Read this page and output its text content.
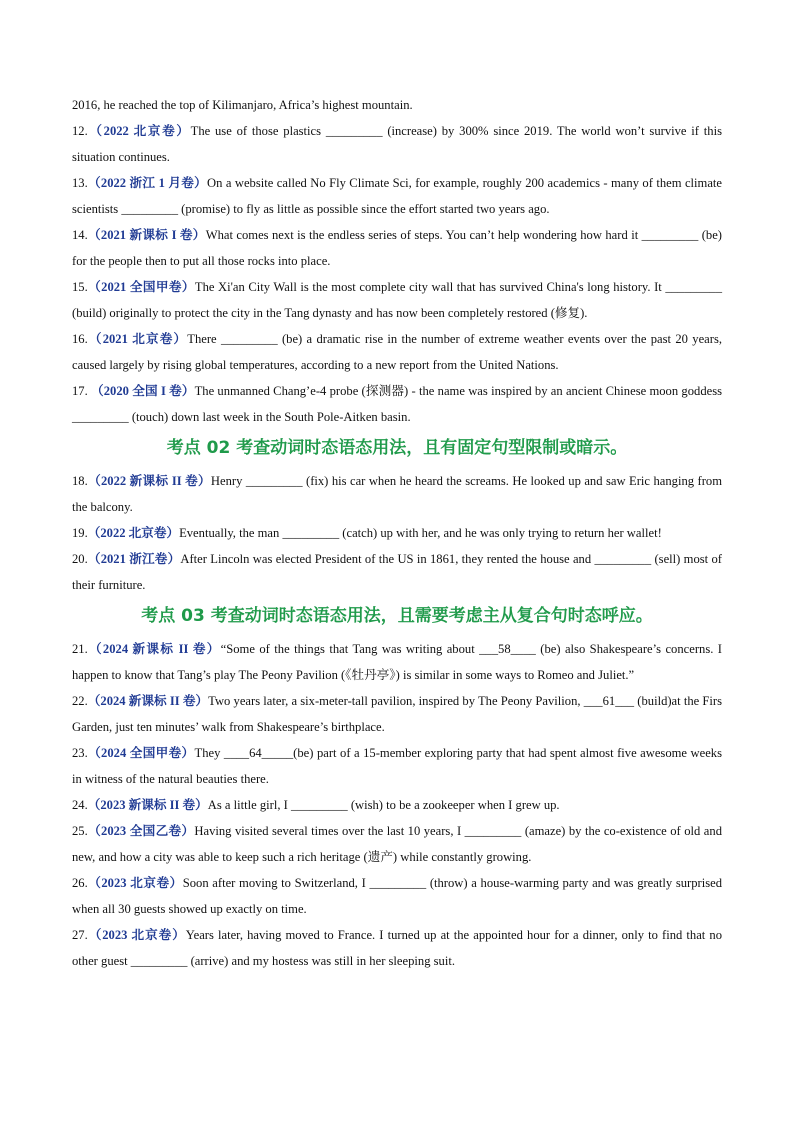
2016, he reached the top of Kilimanjaro, Africa’s highest mountain.
12.（2022 北京卷）The use of those plastics _________ (increase) by 300% since 2019. The world won’t survive if this situation continues.
13.（2022 浙江 1 月卷）On a website called No Fly Climate Sci, for example, roughly 200 academics - many of them climate scientists _________ (promise) to fly as little as possible since the effort started two years ago.
14.（2021 新课标 I 卷）What comes next is the endless series of steps. You can’t help wondering how hard it _________ (be) for the people then to put all those rocks into place.
15.（2021 全国甲卷）The Xi'an City Wall is the most complete city wall that has survived China's long history. It _________ (build) originally to protect the city in the Tang dynasty and has now been completely restored (修复).
16.（2021 北京卷）There _________ (be) a dramatic rise in the number of extreme weather events over the past 20 years, caused largely by rising global temperatures, according to a new report from the United Nations.
17. （2020 全国 I 卷）The unmanned Chang’e-4 probe (探测器) - the name was inspired by an ancient Chinese moon goddess _________ (touch) down last week in the South Pole-Aitken basin.
考点 02 考查动词时态语态用法，且有固定句型限制或暗示。
18.（2022 新课标 II 卷）Henry _________ (fix) his car when he heard the screams. He looked up and saw Eric hanging from the balcony.
19.（2022 北京卷）Eventually, the man _________ (catch) up with her, and he was only trying to return her wallet!
20.（2021 浙江卷）After Lincoln was elected President of the US in 1861, they rented the house and _________ (sell) most of their furniture.
考点 03 考查动词时态语态用法，且需要考虑主从复合句时态呼应。
21.（2024 新课标 II 卷）“Some of the things that Tang was writing about ___58____ (be) also Shakespeare’s concerns. I happen to know that Tang’s play The Peony Pavilion (《牡丹亭》) is similar in some ways to Romeo and Juliet.”
22.（2024 新课标 II 卷）Two years later, a six-meter-tall pavilion, inspired by The Peony Pavilion, ___61___ (build)at the Firs Garden, just ten minutes’ walk from Shakespeare’s birthplace.
23.（2024 全国甲卷）They ____64_____(be) part of a 15-member exploring party that had spent almost five awesome weeks in witness of the natural beauties there.
24.（2023 新课标 II 卷）As a little girl, I _________ (wish) to be a zookeeper when I grew up.
25.（2023 全国乙卷）Having visited several times over the last 10 years, I _________ (amaze) by the co-existence of old and new, and how a city was able to keep such a rich heritage (遗产) while constantly growing.
26.（2023 北京卷）Soon after moving to Switzerland, I _________ (throw) a house-warming party and was greatly surprised when all 30 guests showed up exactly on time.
27.（2023 北京卷）Years later, having moved to France. I turned up at the appointed hour for a dinner, only to find that no other guest _________ (arrive) and my hostess was still in her sleeping suit.
